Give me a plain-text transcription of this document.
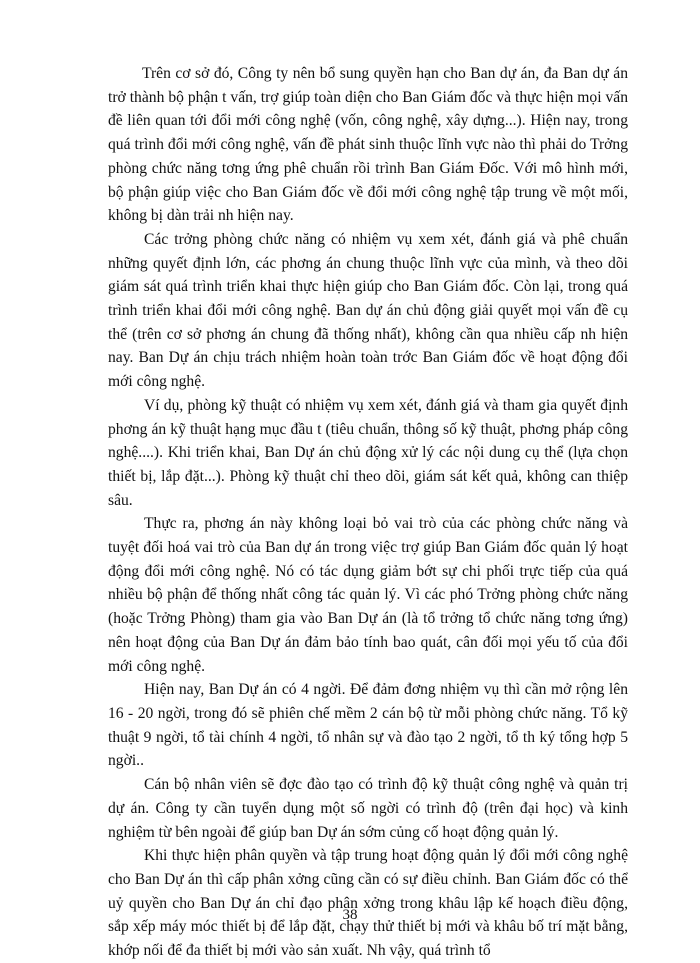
Trên cơ sở đó, Công ty nên bổ sung quyền hạn cho Ban dự án, đa Ban dự án trở thành bộ phận t vấn, trợ giúp toàn diện cho Ban Giám đốc và thực hiện mọi vấn đề liên quan tới đổi mới công nghệ (vốn, công nghệ, xây dựng...). Hiện nay, trong quá trình đổi mới công nghệ, vấn đề phát sinh thuộc lĩnh vực nào thì phải do Trởng phòng chức năng tơng ứng phê chuẩn rồi trình Ban Giám Đốc. Với mô hình mới, bộ phận giúp việc cho Ban Giám đốc về đổi mới công nghệ tập trung về một mối, không bị dàn trải nh hiện nay.

Các trởng phòng chức năng có nhiệm vụ xem xét, đánh giá và phê chuẩn những quyết định lớn, các phơng án chung thuộc lĩnh vực của mình, và theo dõi giám sát quá trình triển khai thực hiện giúp cho Ban Giám đốc. Còn lại, trong quá trình triển khai đổi mới công nghệ. Ban dự án chủ động giải quyết mọi vấn đề cụ thể (trên cơ sở phơng án chung đã thống nhất), không cần qua nhiều cấp nh hiện nay. Ban Dự án chịu trách nhiệm hoàn toàn trớc Ban Giám đốc về hoạt động đổi mới công nghệ.

Ví dụ, phòng kỹ thuật có nhiệm vụ xem xét, đánh giá và tham gia quyết định phơng án kỹ thuật hạng mục đầu t (tiêu chuẩn, thông số kỹ thuật, phơng pháp công nghệ....). Khi triển khai, Ban Dự án chủ động xử lý các nội dung cụ thể (lựa chọn thiết bị, lắp đặt...). Phòng kỹ thuật chỉ theo dõi, giám sát kết quả, không can thiệp sâu.

Thực ra, phơng án này không loại bỏ vai trò của các phòng chức năng và tuyệt đối hoá vai trò của Ban dự án trong việc trợ giúp Ban Giám đốc quản lý hoạt động đổi mới công nghệ. Nó có tác dụng giảm bớt sự chi phối trực tiếp của quá nhiều bộ phận để thống nhất công tác quản lý. Vì các phó Trởng phòng chức năng (hoặc Trởng Phòng) tham gia vào Ban Dự án (là tổ trởng tổ chức năng tơng ứng) nên hoạt động của Ban Dự án đảm bảo tính bao quát, cân đối mọi yếu tố của đổi mới công nghệ.

Hiện nay, Ban Dự án có 4 ngời. Để đảm đơng nhiệm vụ thì cần mở rộng lên 16 - 20 ngời, trong đó sẽ phiên chế mềm 2 cán bộ từ mỗi phòng chức năng. Tổ kỹ thuật 9 ngời, tổ tài chính 4 ngời, tổ nhân sự và đào tạo 2 ngời, tổ th ký tổng hợp 5 ngời..

Cán bộ nhân viên sẽ đợc đào tạo có trình độ kỹ thuật công nghệ và quản trị dự án. Công ty cần tuyển dụng một số ngời có trình độ (trên đại học) và kinh nghiệm từ bên ngoài để giúp ban Dự án sớm củng cố hoạt động quản lý.

Khi thực hiện phân quyền và tập trung hoạt động quản lý đổi mới công nghệ cho Ban Dự án thì cấp phân xởng cũng cần có sự điều chỉnh. Ban Giám đốc có thể uỷ quyền cho Ban Dự án chỉ đạo phân xởng trong khâu lập kế hoạch điều động, sắp xếp máy móc thiết bị để lắp đặt, chạy thử thiết bị mới và khâu bố trí mặt bằng, khớp nối để đa thiết bị mới vào sản xuất. Nh vậy, quá trình tổ

38
